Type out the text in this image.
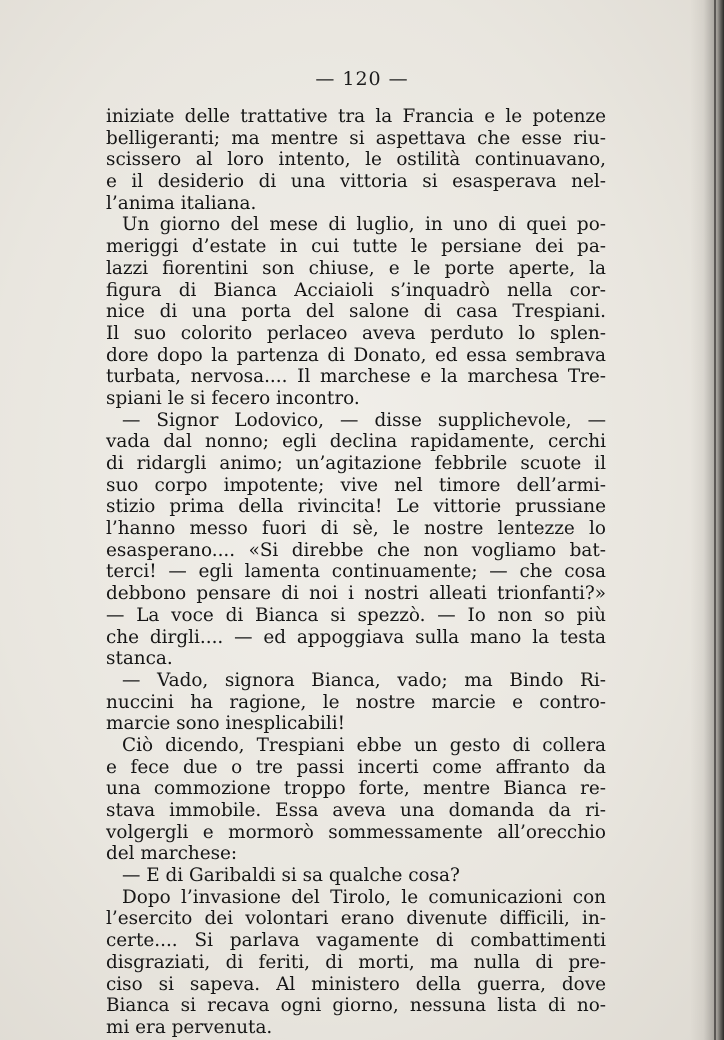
— 120 —
iniziate delle trattative tra la Francia e le potenze
belligeranti; ma mentre si aspettava che esse riu-
scissero al loro intento, le ostilità continuavano,
e il desiderio di una vittoria si esasperava nel-
l’anima italiana.
Un giorno del mese di luglio, in uno di quei po-
meriggi d’estate in cui tutte le persiane dei pa-
lazzi fiorentini son chiuse, e le porte aperte, la
figura di Bianca Acciaioli s’inquadrò nella cor-
nice di una porta del salone di casa Trespiani.
Il suo colorito perlaceo aveva perduto lo splen-
dore dopo la partenza di Donato, ed essa sembrava
turbata, nervosa.... Il marchese e la marchesa Tre-
spiani le si fecero incontro.
— Signor Lodovico, — disse supplichevole, —
vada dal nonno; egli declina rapidamente, cerchi
di ridargli animo; un’agitazione febbrile scuote il
suo corpo impotente; vive nel timore dell’armi-
stizio prima della rivincita! Le vittorie prussiane
l’hanno messo fuori di sè, le nostre lentezze lo
esasperano.... «Si direbbe che non vogliamo bat-
terci! — egli lamenta continuamente; — che cosa
debbono pensare di noi i nostri alleati trionfanti?»
— La voce di Bianca si spezzò. — Io non so più
che dirgli.... — ed appoggiava sulla mano la testa
stanca.
— Vado, signora Bianca, vado; ma Bindo Ri-
nuccini ha ragione, le nostre marcie e contro-
marcie sono inesplicabili!
Ciò dicendo, Trespiani ebbe un gesto di collera
e fece due o tre passi incerti come affranto da
una commozione troppo forte, mentre Bianca re-
stava immobile. Essa aveva una domanda da ri-
volgergli e mormorò sommessamente all’orecchio
del marchese:
— E di Garibaldi si sa qualche cosa?
Dopo l’invasione del Tirolo, le comunicazioni con
l’esercito dei volontari erano divenute difficili, in-
certe.... Si parlava vagamente di combattimenti
disgraziati, di feriti, di morti, ma nulla di pre-
ciso si sapeva. Al ministero della guerra, dove
Bianca si recava ogni giorno, nessuna lista di no-
mi era pervenuta.
